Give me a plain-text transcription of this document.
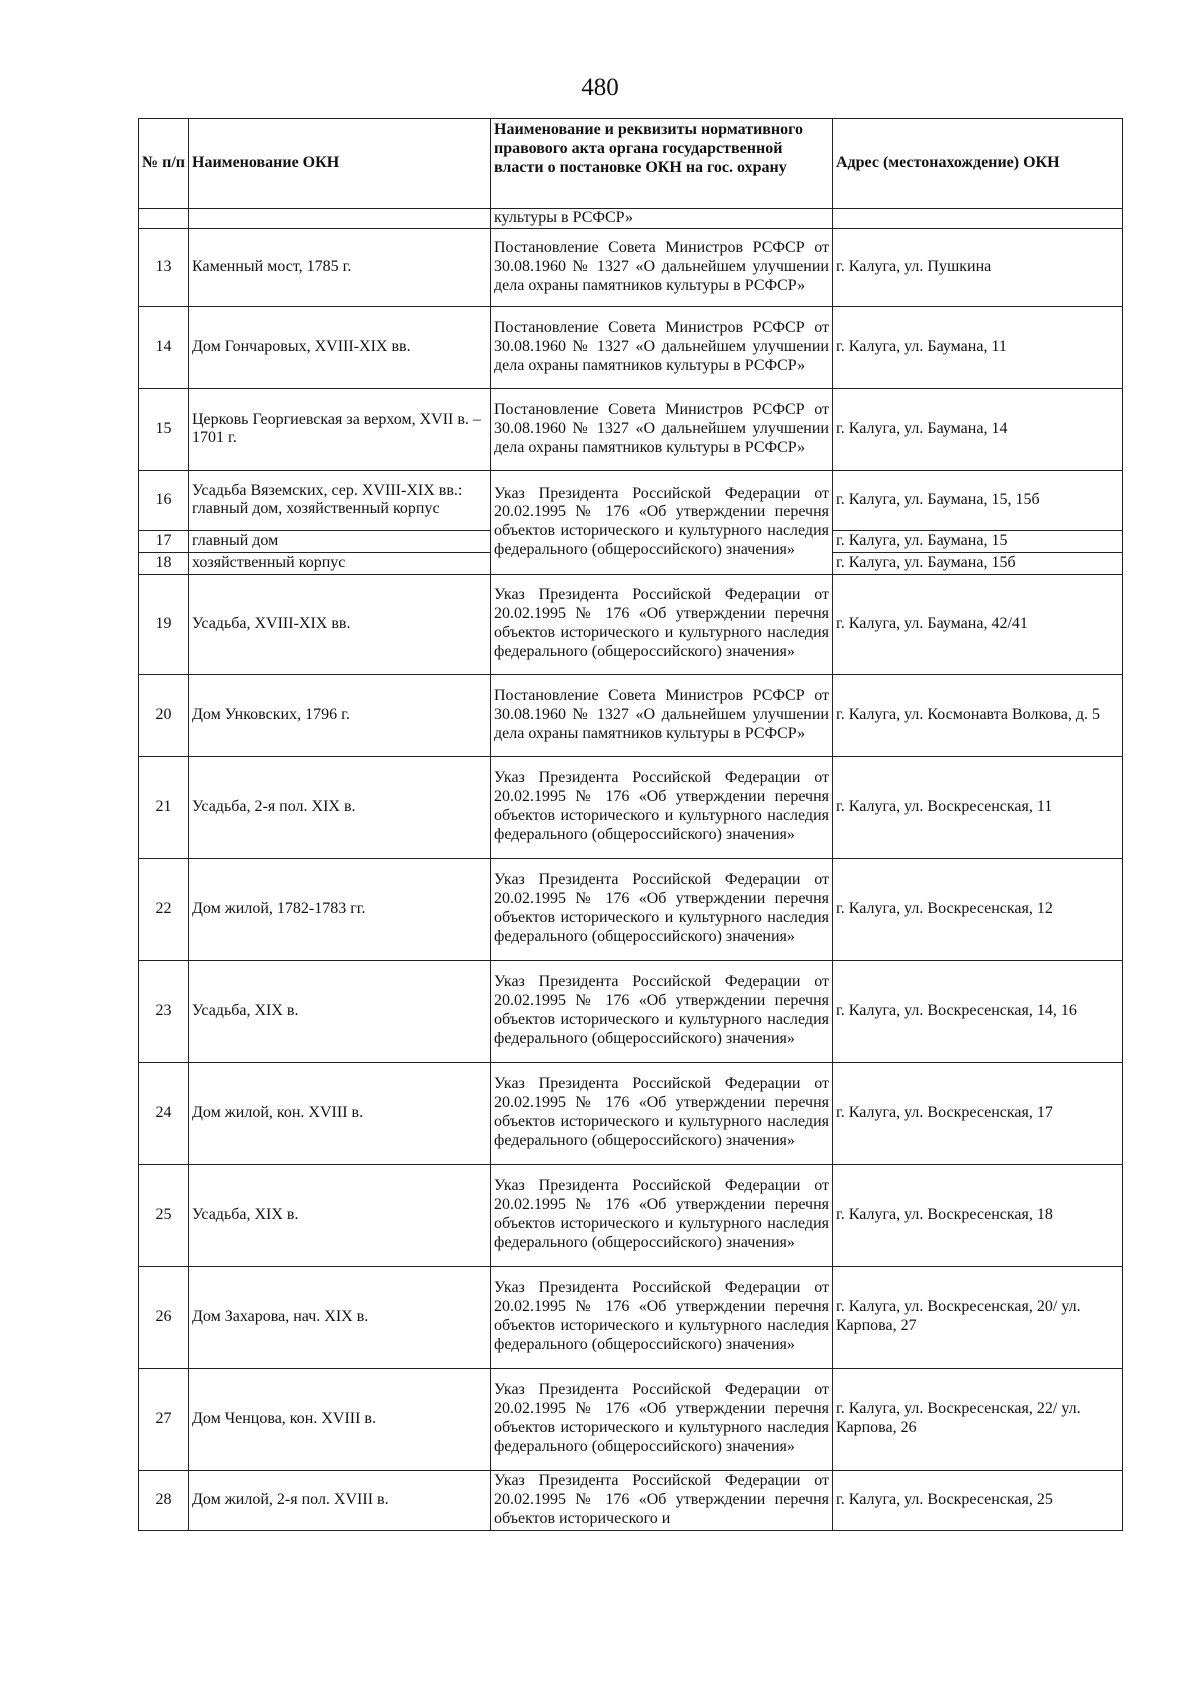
480
№ п/п	Наименование ОКН	Наименование и реквизиты нормативного правового акта органа государственной власти о постановке ОКН на гос. охрану	Адрес (местонахождение) ОКН
		культуры в РСФСР»	
13	Каменный мост, 1785 г.	Постановление Совета Министров РСФСР от 30.08.1960 № 1327 «О дальнейшем улучшении дела охраны памятников культуры в РСФСР»	г. Калуга, ул. Пушкина
14	Дом Гончаровых, XVIII-XIX вв.	Постановление Совета Министров РСФСР от 30.08.1960 № 1327 «О дальнейшем улучшении дела охраны памятников культуры в РСФСР»	г. Калуга, ул. Баумана, 11
15	Церковь Георгиевская за верхом, XVII в. – 1701 г.	Постановление Совета Министров РСФСР от 30.08.1960 № 1327 «О дальнейшем улучшении дела охраны памятников культуры в РСФСР»	г. Калуга, ул. Баумана, 14
16	Усадьба Вяземских, сер. XVIII-XIX вв.: главный дом, хозяйственный корпус	Указ Президента Российской Федерации от 20.02.1995 № 176 «Об утверждении перечня объектов исторического и культурного наследия федерального (общероссийского) значения»	г. Калуга, ул. Баумана, 15, 15б
17	главный дом		г. Калуга, ул. Баумана, 15
18	хозяйственный корпус		г. Калуга, ул. Баумана, 15б
19	Усадьба, XVIII-XIX вв.	Указ Президента Российской Федерации от 20.02.1995 № 176 «Об утверждении перечня объектов исторического и культурного наследия федерального (общероссийского) значения»	г. Калуга, ул. Баумана, 42/41
20	Дом Унковских, 1796 г.	Постановление Совета Министров РСФСР от 30.08.1960 № 1327 «О дальнейшем улучшении дела охраны памятников культуры в РСФСР»	г. Калуга, ул. Космонавта Волкова, д. 5
21	Усадьба, 2-я пол. XIX в.	Указ Президента Российской Федерации от 20.02.1995 № 176 «Об утверждении перечня объектов исторического и культурного наследия федерального (общероссийского) значения»	г. Калуга, ул. Воскресенская, 11
22	Дом жилой, 1782-1783 гг.	Указ Президента Российской Федерации от 20.02.1995 № 176 «Об утверждении перечня объектов исторического и культурного наследия федерального (общероссийского) значения»	г. Калуга, ул. Воскресенская, 12
23	Усадьба, XIX в.	Указ Президента Российской Федерации от 20.02.1995 № 176 «Об утверждении перечня объектов исторического и культурного наследия федерального (общероссийского) значения»	г. Калуга, ул. Воскресенская, 14, 16
24	Дом жилой, кон. XVIII в.	Указ Президента Российской Федерации от 20.02.1995 № 176 «Об утверждении перечня объектов исторического и культурного наследия федерального (общероссийского) значения»	г. Калуга, ул. Воскресенская, 17
25	Усадьба, XIX в.	Указ Президента Российской Федерации от 20.02.1995 № 176 «Об утверждении перечня объектов исторического и культурного наследия федерального (общероссийского) значения»	г. Калуга, ул. Воскресенская, 18
26	Дом Захарова, нач. XIX в.	Указ Президента Российской Федерации от 20.02.1995 № 176 «Об утверждении перечня объектов исторического и культурного наследия федерального (общероссийского) значения»	г. Калуга, ул. Воскресенская, 20/ ул. Карпова, 27
27	Дом Ченцова, кон. XVIII в.	Указ Президента Российской Федерации от 20.02.1995 № 176 «Об утверждении перечня объектов исторического и культурного наследия федерального (общероссийского) значения»	г. Калуга, ул. Воскресенская, 22/ ул. Карпова, 26
28	Дом жилой, 2-я пол. XVIII в.	Указ Президента Российской Федерации от 20.02.1995 № 176 «Об утверждении перечня объектов исторического и	г. Калуга, ул. Воскресенская, 25
